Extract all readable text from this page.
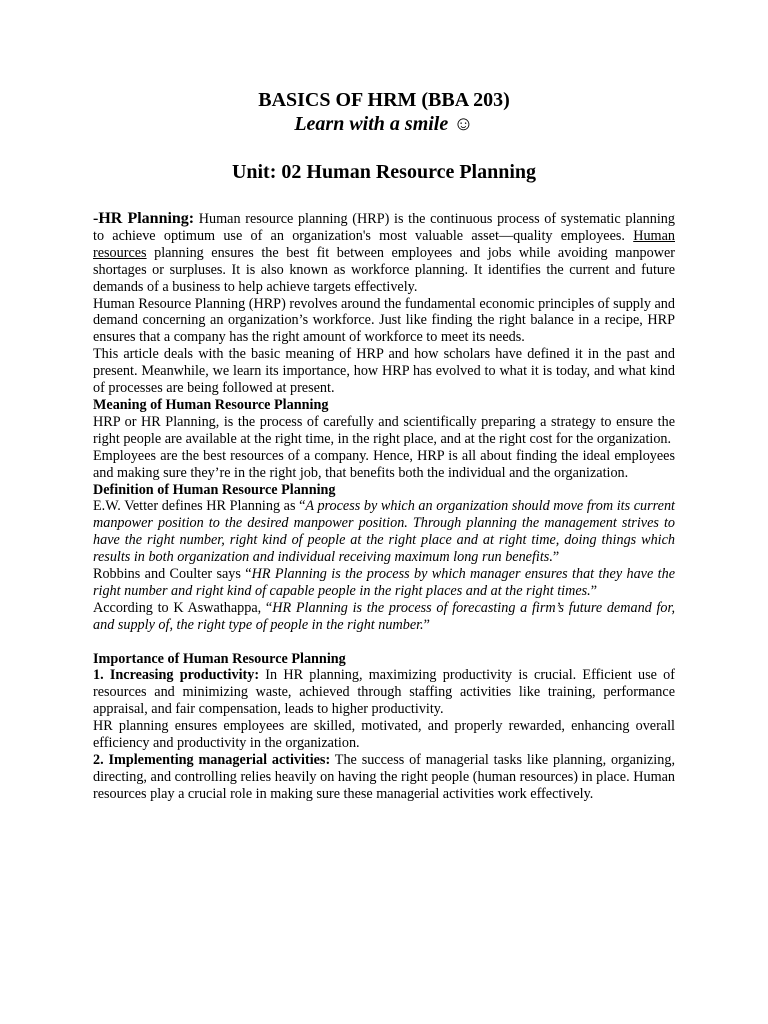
BASICS OF HRM (BBA 203)
Learn with a smile ☺
Unit: 02 Human Resource Planning

-HR Planning: Human resource planning (HRP) is the continuous process of systematic planning to achieve optimum use of an organization's most valuable asset—quality employees. Human resources planning ensures the best fit between employees and jobs while avoiding manpower shortages or surpluses. It is also known as workforce planning. It identifies the current and future demands of a business to help achieve targets effectively.

Human Resource Planning (HRP) revolves around the fundamental economic principles of supply and demand concerning an organization’s workforce. Just like finding the right balance in a recipe, HRP ensures that a company has the right amount of workforce to meet its needs.

This article deals with the basic meaning of HRP and how scholars have defined it in the past and present. Meanwhile, we learn its importance, how HRP has evolved to what it is today, and what kind of processes are being followed at present.

Meaning of Human Resource Planning

HRP or HR Planning, is the process of carefully and scientifically preparing a strategy to ensure the right people are available at the right time, in the right place, and at the right cost for the organization.

Employees are the best resources of a company. Hence, HRP is all about finding the ideal employees and making sure they’re in the right job, that benefits both the individual and the organization.

Definition of Human Resource Planning

E.W. Vetter defines HR Planning as “A process by which an organization should move from its current manpower position to the desired manpower position. Through planning the management strives to have the right number, right kind of people at the right place and at right time, doing things which results in both organization and individual receiving maximum long run benefits.”

Robbins and Coulter says “HR Planning is the process by which manager ensures that they have the right number and right kind of capable people in the right places and at the right times.”

According to K Aswathappa, “HR Planning is the process of forecasting a firm’s future demand for, and supply of, the right type of people in the right number.”

Importance of Human Resource Planning

1. Increasing productivity: In HR planning, maximizing productivity is crucial. Efficient use of resources and minimizing waste, achieved through staffing activities like training, performance appraisal, and fair compensation, leads to higher productivity.

HR planning ensures employees are skilled, motivated, and properly rewarded, enhancing overall efficiency and productivity in the organization.

2. Implementing managerial activities: The success of managerial tasks like planning, organizing, directing, and controlling relies heavily on having the right people (human resources) in place. Human resources play a crucial role in making sure these managerial activities work effectively.
